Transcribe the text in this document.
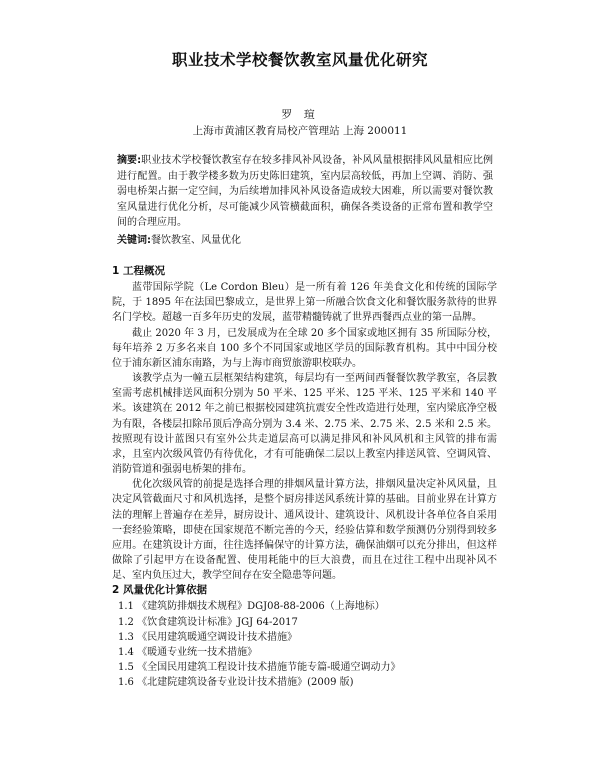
职业技术学校餐饮教室风量优化研究
罗 瑄
上海市黄浦区教育局校产管理站 上海 200011
摘要:职业技术学校餐饮教室存在较多排风补风设备，补风风量根据排风风量相应比例进行配置。由于教学楼多数为历史陈旧建筑，室内层高较低，再加上空调、消防、强弱电桥架占据一定空间，为后续增加排风补风设备造成较大困难，所以需要对餐饮教室风量进行优化分析，尽可能减少风管横截面积，确保各类设备的正常布置和教学空间的合理应用。
关键词:餐饮教室、风量优化
1 工程概况

蓝带国际学院（Le Cordon Bleu）是一所有着 126 年美食文化和传统的国际学院，于 1895 年在法国巴黎成立，是世界上第一所融合饮食文化和餐饮服务款待的世界名门学校。超越一百多年历史的发展，蓝带精髓铸就了世界西餐西点业的第一品牌。

截止 2020 年 3 月，已发展成为在全球 20 多个国家或地区拥有 35 所国际分校，每年培养 2 万多名来自 100 多个不同国家或地区学员的国际教育机构。其中中国分校位于浦东新区浦东南路，为与上海市商贸旅游职校联办。

该教学点为一幢五层框架结构建筑，每层均有一至两间西餐餐饮教学教室，各层教室需考虑机械排送风面积分别为 50 平米、125 平米、125 平米、125 平米和 140 平米。该建筑在 2012 年之前已根据校园建筑抗震安全性改造进行处理，室内梁底净空极为有限，各楼层扣除吊顶后净高分别为 3.4 米、2.75 米、2.75 米、2.5 米和 2.5 米。按照现有设计蓝图只有室外公共走道层高可以满足排风和补风风机和主风管的排布需求，且室内次级风管仍有待优化，才有可能确保二层以上教室内排送风管、空调风管、消防管道和强弱电桥架的排布。

优化次级风管的前提是选择合理的排烟风量计算方法，排烟风量决定补风风量，且决定风管截面尺寸和风机选择，是整个厨房排送风系统计算的基础。目前业界在计算方法的理解上普遍存在差异，厨房设计、通风设计、建筑设计、风机设计各单位各自采用一套经验策略，即使在国家规范不断完善的今天，经验估算和数学预测仍分别得到较多应用。在建筑设计方面，往往选择偏保守的计算方法，确保油烟可以充分排出，但这样做除了引起甲方在设备配置、使用耗能中的巨大浪费，而且在过往工程中出现补风不足、室内负压过大，教学空间存在安全隐患等问题。

2 风量优化计算依据

1.1 《建筑防排烟技术规程》DGJ08-88-2006（上海地标）

1.2 《饮食建筑设计标准》JGJ 64-2017

1.3 《民用建筑暖通空调设计技术措施》

1.4 《暖通专业统一技术措施》

1.5 《全国民用建筑工程设计技术措施节能专篇-暖通空调动力》

1.6 《北建院建筑设备专业设计技术措施》(2009 版)
